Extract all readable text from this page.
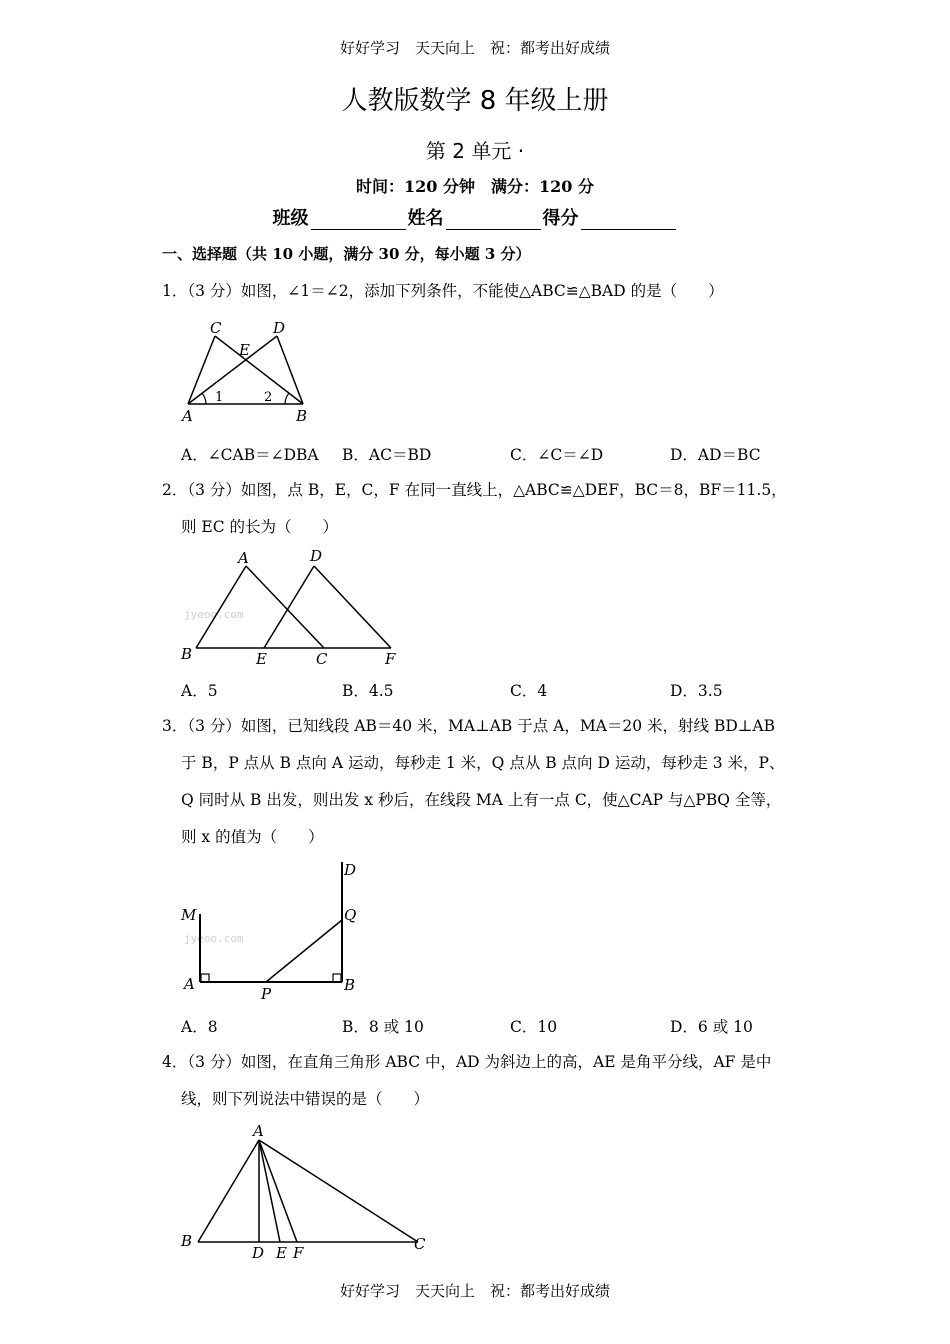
好好学习　天天向上　祝：都考出好成绩
人教版数学 8 年级上册
第 2 单元 ·
时间：120 分钟　满分：120 分
班级	姓名	得分
一、选择题（共 10 小题，满分 30 分，每小题 3 分）
1．（3 分）如图，∠1＝∠2，添加下列条件，不能使△ABC≌△BAD 的是（　　）
C	D
E
A	B
1	2
A．∠CAB＝∠DBA B．AC＝BD	C．∠C＝∠D	D．AD＝BC
2．（3 分）如图，点 B，E，C，F 在同一直线上，△ABC≌△DEF，BC＝8，BF＝11.5，
则 EC 的长为（　　）
jyeoo.com
A	D
B	E	C	F
A．5	B．4.5	C．4	D．3.5
3．（3 分）如图，已知线段 AB＝40 米，MA⊥AB 于点 A，MA＝20 米，射线 BD⊥AB
于 B，P 点从 B 点向 A 运动，每秒走 1 米，Q 点从 B 点向 D 运动，每秒走 3 米，P、
Q 同时从 B 出发，则出发 x 秒后，在线段 MA 上有一点 C，使△CAP 与△PBQ 全等，
则 x 的值为（　　）
jyeoo.com
M
A
P	B
Q
D
A．8	B．8 或 10	C．10	D．6 或 10
4．（3 分）如图，在直角三角形 ABC 中，AD 为斜边上的高，AE 是角平分线，AF 是中
线，则下列说法中错误的是（　　）
A
B	C
D E F
好好学习　天天向上　祝：都考出好成绩
